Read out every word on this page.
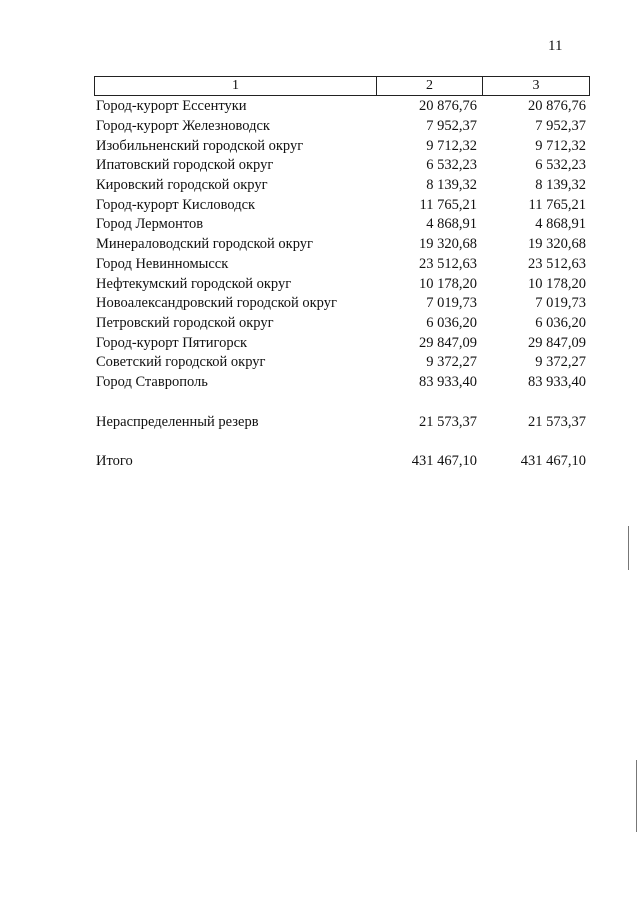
11
1	2	3
Город-курорт Ессентуки	20 876,76	20 876,76
Город-курорт Железноводск	7 952,37	7 952,37
Изобильненский городской округ	9 712,32	9 712,32
Ипатовский городской округ	6 532,23	6 532,23
Кировский городской округ	8 139,32	8 139,32
Город-курорт Кисловодск	11 765,21	11 765,21
Город Лермонтов	4 868,91	4 868,91
Минераловодский городской округ	19 320,68	19 320,68
Город Невинномысск	23 512,63	23 512,63
Нефтекумский городской округ	10 178,20	10 178,20
Новоалександровский городской округ	7 019,73	7 019,73
Петровский городской округ	6 036,20	6 036,20
Город-курорт Пятигорск	29 847,09	29 847,09
Советский городской округ	9 372,27	9 372,27
Город Ставрополь	83 933,40	83 933,40
Нераспределенный резерв	21 573,37	21 573,37
Итого	431 467,10	431 467,10
